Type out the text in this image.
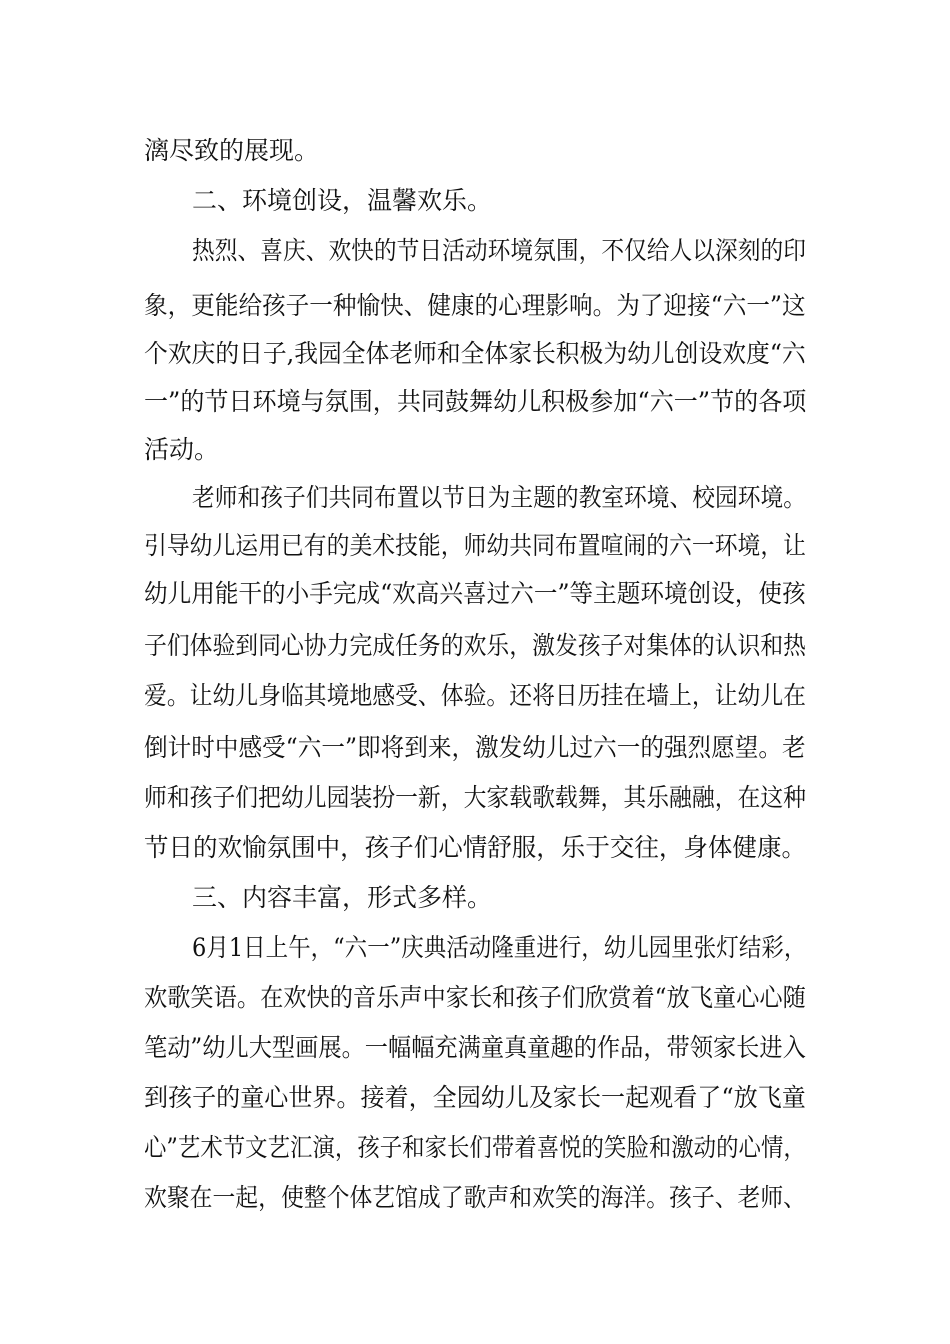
漓尽致的展现。
二、环境创设，温馨欢乐。
热烈、喜庆、欢快的节日活动环境氛围，不仅给人以深刻的印
象，更能给孩子一种愉快、健康的心理影响。为了迎接“六一”这
个欢庆的日子,我园全体老师和全体家长积极为幼儿创设欢度“六
一”的节日环境与氛围，共同鼓舞幼儿积极参加“六一”节的各项
活动。
老师和孩子们共同布置以节日为主题的教室环境、校园环境。
引导幼儿运用已有的美术技能，师幼共同布置喧闹的六一环境，让
幼儿用能干的小手完成“欢高兴喜过六一”等主题环境创设，使孩
子们体验到同心协力完成任务的欢乐，激发孩子对集体的认识和热
爱。让幼儿身临其境地感受、体验。还将日历挂在墙上，让幼儿在
倒计时中感受“六一”即将到来，激发幼儿过六一的强烈愿望。老
师和孩子们把幼儿园装扮一新，大家载歌载舞，其乐融融，在这种
节日的欢愉氛围中，孩子们心情舒服，乐于交往，身体健康。
三、内容丰富，形式多样。
6月1日上午，“六一”庆典活动隆重进行，幼儿园里张灯结彩，
欢歌笑语。在欢快的音乐声中家长和孩子们欣赏着“放飞童心心随
笔动”幼儿大型画展。一幅幅充满童真童趣的作品，带领家长进入
到孩子的童心世界。接着，全园幼儿及家长一起观看了“放飞童
心”艺术节文艺汇演，孩子和家长们带着喜悦的笑脸和激动的心情，
欢聚在一起，使整个体艺馆成了歌声和欢笑的海洋。孩子、老师、
